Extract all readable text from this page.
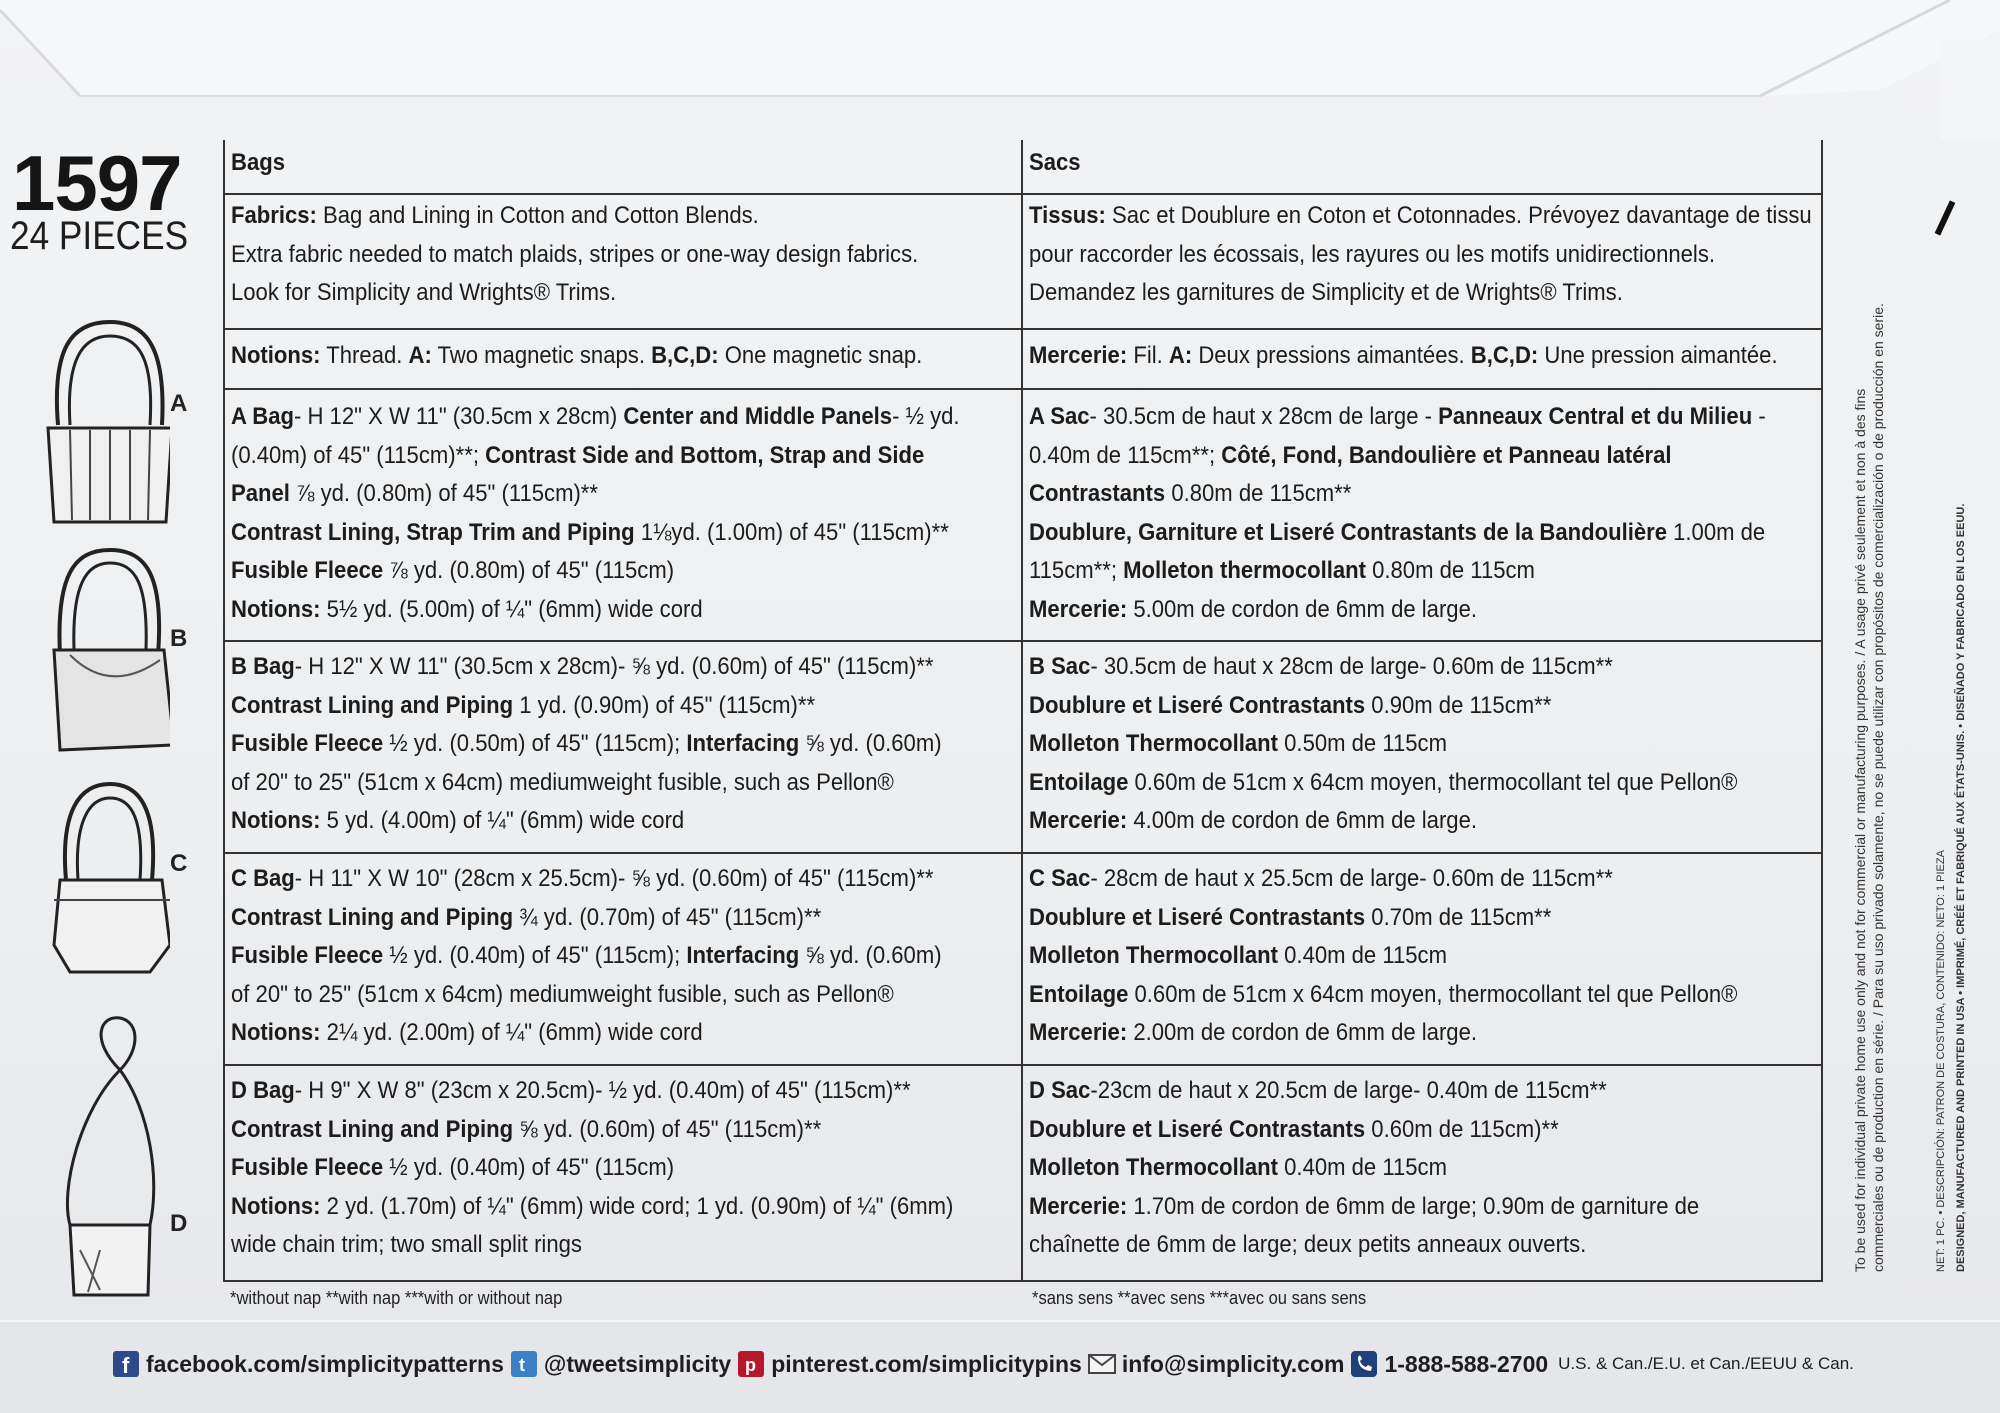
1597
24 PIECES
A
B
C
D
Bags

Fabrics: Bag and Lining in Cotton and Cotton Blends.

Extra fabric needed to match plaids, stripes or one-way design fabrics.

Look for Simplicity and Wrights® Trims.

Notions: Thread. A: Two magnetic snaps. B,C,D: One magnetic snap.

A Bag- H 12" X W 11" (30.5cm x 28cm) Center and Middle Panels- ½ yd.

(0.40m) of 45" (115cm)**; Contrast Side and Bottom, Strap and Side

Panel ⅞ yd. (0.80m) of 45" (115cm)**

Contrast Lining, Strap Trim and Piping 1⅛yd. (1.00m) of 45" (115cm)**

Fusible Fleece ⅞ yd. (0.80m) of 45" (115cm)

Notions: 5½ yd. (5.00m) of ¼" (6mm) wide cord

B Bag- H 12" X W 11" (30.5cm x 28cm)- ⅝ yd. (0.60m) of 45" (115cm)**

Contrast Lining and Piping 1 yd. (0.90m) of 45" (115cm)**

Fusible Fleece ½ yd. (0.50m) of 45" (115cm); Interfacing ⅝ yd. (0.60m)

of 20" to 25" (51cm x 64cm) mediumweight fusible, such as Pellon®

Notions: 5 yd. (4.00m) of ¼" (6mm) wide cord

C Bag- H 11" X W 10" (28cm x 25.5cm)- ⅝ yd. (0.60m) of 45" (115cm)**

Contrast Lining and Piping ¾ yd. (0.70m) of 45" (115cm)**

Fusible Fleece ½ yd. (0.40m) of 45" (115cm); Interfacing ⅝ yd. (0.60m)

of 20" to 25" (51cm x 64cm) mediumweight fusible, such as Pellon®

Notions: 2¼ yd. (2.00m) of ¼" (6mm) wide cord

D Bag- H 9" X W 8" (23cm x 20.5cm)- ½ yd. (0.40m) of 45" (115cm)**

Contrast Lining and Piping ⅝ yd. (0.60m) of 45" (115cm)**

Fusible Fleece ½ yd. (0.40m) of 45" (115cm)

Notions: 2 yd. (1.70m) of ¼" (6mm) wide cord; 1 yd. (0.90m) of ¼" (6mm)

wide chain trim; two small split rings

Sacs

Tissus: Sac et Doublure en Coton et Cotonnades. Prévoyez davantage de tissu

pour raccorder les écossais, les rayures ou les motifs unidirectionnels.

Demandez les garnitures de Simplicity et de Wrights® Trims.

Mercerie: Fil. A: Deux pressions aimantées. B,C,D: Une pression aimantée.

A Sac- 30.5cm de haut x 28cm de large - Panneaux Central et du Milieu -

0.40m de 115cm**; Côté, Fond, Bandoulière et Panneau latéral

Contrastants 0.80m de 115cm**

Doublure, Garniture et Liseré Contrastants de la Bandoulière 1.00m de

115cm**; Molleton thermocollant 0.80m de 115cm

Mercerie: 5.00m de cordon de 6mm de large.

B Sac- 30.5cm de haut x 28cm de large- 0.60m de 115cm**

Doublure et Liseré Contrastants 0.90m de 115cm**

Molleton Thermocollant 0.50m de 115cm

Entoilage 0.60m de 51cm x 64cm moyen, thermocollant tel que Pellon®

Mercerie: 4.00m de cordon de 6mm de large.

C Sac- 28cm de haut x 25.5cm de large- 0.60m de 115cm**

Doublure et Liseré Contrastants 0.70m de 115cm**

Molleton Thermocollant 0.40m de 115cm

Entoilage 0.60m de 51cm x 64cm moyen, thermocollant tel que Pellon®

Mercerie: 2.00m de cordon de 6mm de large.

D Sac-23cm de haut x 20.5cm de large- 0.40m de 115cm**

Doublure et Liseré Contrastants 0.60m de 115cm)**

Molleton Thermocollant 0.40m de 115cm

Mercerie: 1.70m de cordon de 6mm de large; 0.90m de garniture de

chaînette de 6mm de large; deux petits anneaux ouverts.

*without nap **with nap ***with or without nap	*sans sens **avec sens ***avec ou sans sens
To be used for individual private home use only and not for commercial or manufacturing purposes. / A usage privé seulement et non à des fins commerciales ou de production en série. / Para su uso privado solamente, no se puede utilizar con propósitos de comercialización o de producción en serie.	NET: 1 PC. • DESCRIPCIÓN: PATRON DE COSTURA, CONTENIDO: NETO: 1 PIEZA DESIGNED, MANUFACTURED AND PRINTED IN USA • IMPRIMÉ, CRÉÉ ET FABRIQUÉ AUX ÉTATS-UNIS. • DISEÑADO Y FABRICADO EN LOS EEUU.
f facebook.com/simplicitypatterns t @tweetsimplicity p pinterest.com/simplicitypins info@simplicity.com 1-888-588-2700 U.S. & Can./E.U. et Can./EEUU & Can.
